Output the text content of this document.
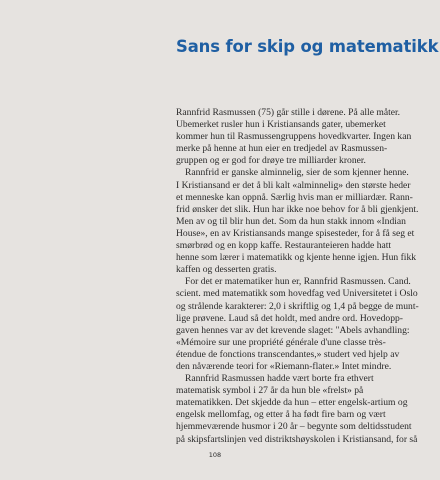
Sans for skip og matematikk
Rannfrid Rasmussen (75) går stille i dørene. På alle måter.
Ubemerket rusler hun i Kristiansands gater, ubemerket
kommer hun til Rasmussengruppens hovedkvarter. Ingen kan
merke på henne at hun eier en tredjedel av Rasmussen-
gruppen og er god for drøye tre milliarder kroner.
Rannfrid er ganske alminnelig, sier de som kjenner henne.
I Kristiansand er det å bli kalt «alminnelig» den største heder
et menneske kan oppnå. Særlig hvis man er milliardær. Rann-
frid ønsker det slik. Hun har ikke noe behov for å bli gjenkjent.
Men av og til blir hun det. Som da hun stakk innom «Indian
House», en av Kristiansands mange spisesteder, for å få seg et
smørbrød og en kopp kaffe. Restauranteieren hadde hatt
henne som lærer i matematikk og kjente henne igjen. Hun fikk
kaffen og desserten gratis.
For det er matematiker hun er, Rannfrid Rasmussen. Cand.
scient. med matematikk som hovedfag ved Universitetet i Oslo
og strålende karakterer: 2,0 i skriftlig og 1,4 på begge de munt-
lige prøvene. Laud så det holdt, med andre ord. Hovedopp-
gaven hennes var av det krevende slaget: "Abels avhandling:
«Mémoire sur une propriété générale d'une classe très-
étendue de fonctions transcendantes,» studert ved hjelp av
den nåværende teori for «Riemann-flater.» Intet mindre.
Rannfrid Rasmussen hadde vært borte fra ethvert
matematisk symbol i 27 år da hun ble «frelst» på
matematikken. Det skjedde da hun – etter engelsk-artium og
engelsk mellomfag, og etter å ha født fire barn og vært
hjemmeværende husmor i 20 år – begynte som deltidsstudent
på skipsfartslinjen ved distriktshøyskolen i Kristiansand, for så
108
